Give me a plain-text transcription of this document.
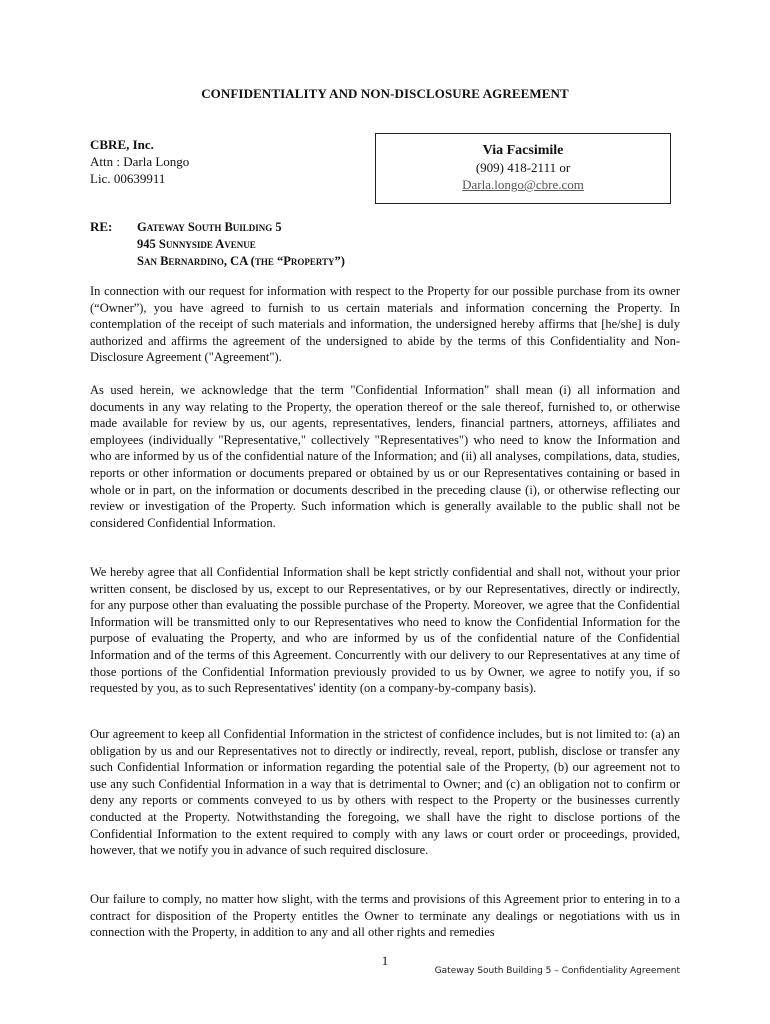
CONFIDENTIALITY AND NON-DISCLOSURE AGREEMENT
CBRE, Inc.
Attn : Darla Longo
Lic. 00639911
Via Facsimile
(909) 418-2111 or
Darla.longo@cbre.com
RE: Gateway South Building 5
945 Sunnyside Avenue
San Bernardino, CA (the “Property”)
In connection with our request for information with respect to the Property for our possible purchase from its owner (“Owner”), you have agreed to furnish to us certain materials and information concerning the Property. In contemplation of the receipt of such materials and information, the undersigned hereby affirms that [he/she] is duly authorized and affirms the agreement of the undersigned to abide by the terms of this Confidentiality and Non-Disclosure Agreement ("Agreement").
As used herein, we acknowledge that the term "Confidential Information" shall mean (i) all information and documents in any way relating to the Property, the operation thereof or the sale thereof, furnished to, or otherwise made available for review by us, our agents, representatives, lenders, financial partners, attorneys, affiliates and employees (individually "Representative," collectively "Representatives") who need to know the Information and who are informed by us of the confidential nature of the Information; and (ii) all analyses, compilations, data, studies, reports or other information or documents prepared or obtained by us or our Representatives containing or based in whole or in part, on the information or documents described in the preceding clause (i), or otherwise reflecting our review or investigation of the Property. Such information which is generally available to the public shall not be considered Confidential Information.
We hereby agree that all Confidential Information shall be kept strictly confidential and shall not, without your prior written consent, be disclosed by us, except to our Representatives, or by our Representatives, directly or indirectly, for any purpose other than evaluating the possible purchase of the Property. Moreover, we agree that the Confidential Information will be transmitted only to our Representatives who need to know the Confidential Information for the purpose of evaluating the Property, and who are informed by us of the confidential nature of the Confidential Information and of the terms of this Agreement. Concurrently with our delivery to our Representatives at any time of those portions of the Confidential Information previously provided to us by Owner, we agree to notify you, if so requested by you, as to such Representatives' identity (on a company-by-company basis).
Our agreement to keep all Confidential Information in the strictest of confidence includes, but is not limited to: (a) an obligation by us and our Representatives not to directly or indirectly, reveal, report, publish, disclose or transfer any such Confidential Information or information regarding the potential sale of the Property, (b) our agreement not to use any such Confidential Information in a way that is detrimental to Owner; and (c) an obligation not to confirm or deny any reports or comments conveyed to us by others with respect to the Property or the businesses currently conducted at the Property. Notwithstanding the foregoing, we shall have the right to disclose portions of the Confidential Information to the extent required to comply with any laws or court order or proceedings, provided, however, that we notify you in advance of such required disclosure.
Our failure to comply, no matter how slight, with the terms and provisions of this Agreement prior to entering in to a contract for disposition of the Property entitles the Owner to terminate any dealings or negotiations with us in connection with the Property, in addition to any and all other rights and remedies
1
Gateway South Building 5 – Confidentiality Agreement
